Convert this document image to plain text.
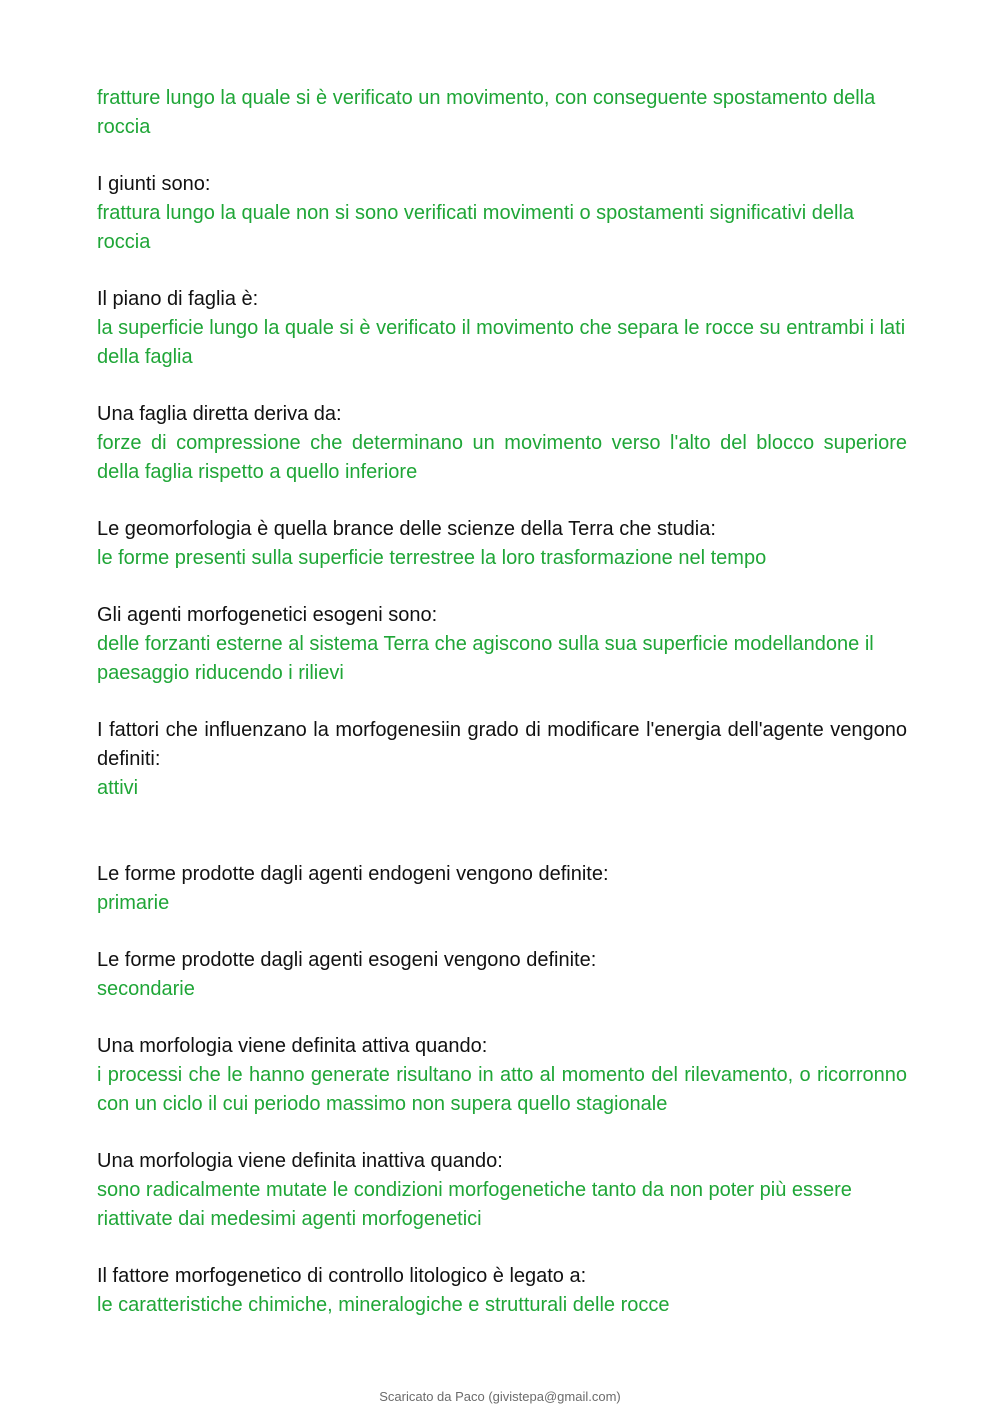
fratture lungo la quale si è verificato un movimento, con conseguente spostamento della roccia
I giunti sono:
frattura lungo la quale non si sono verificati movimenti o spostamenti significativi della roccia
Il piano di faglia è:
la superficie lungo la quale si è verificato il movimento che separa le rocce su entrambi i lati della faglia
Una faglia diretta deriva da:
forze di compressione che determinano un movimento verso l'alto del blocco superiore della faglia rispetto a quello inferiore
Le geomorfologia è quella brance delle scienze della Terra che studia:
le forme presenti sulla superficie terrestree la loro trasformazione nel tempo
Gli agenti morfogenetici esogeni sono:
delle forzanti esterne al sistema Terra che agiscono sulla sua superficie modellandone il paesaggio riducendo i rilievi
I fattori che influenzano la morfogenesiin grado di modificare l'energia dell'agente vengono definiti:
attivi
Le forme prodotte dagli agenti endogeni vengono definite:
primarie
Le forme prodotte dagli agenti esogeni vengono definite:
secondarie
Una morfologia viene definita attiva quando:
i processi che le hanno generate risultano in atto al momento del rilevamento, o ricorronno con un ciclo il cui periodo massimo non supera quello stagionale
Una morfologia viene definita inattiva quando:
sono radicalmente mutate le condizioni morfogenetiche tanto da non poter più essere riattivate dai medesimi agenti morfogenetici
Il fattore morfogenetico di controllo litologico è legato a:
le caratteristiche chimiche, mineralogiche e strutturali delle rocce
Scaricato da Paco (givistepa@gmail.com)
